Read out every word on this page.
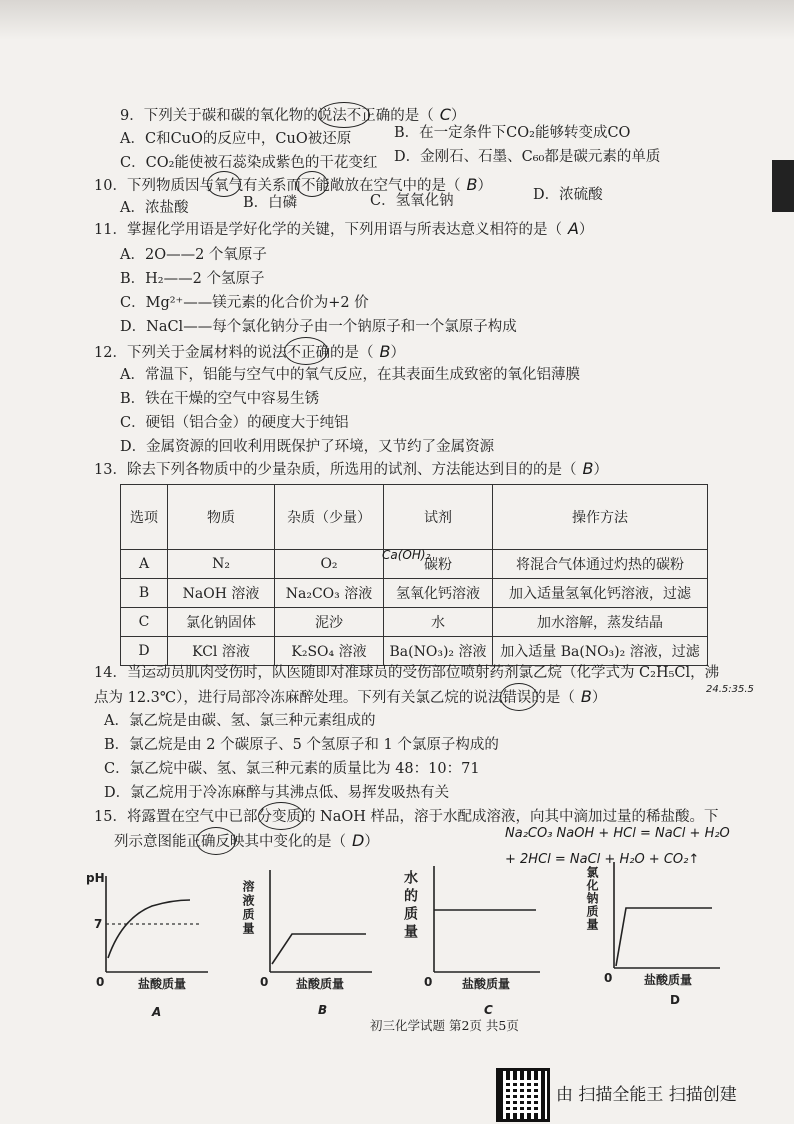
9．下列关于碳和碳的氧化物的说法不正确的是（ C）
A．C和CuO的反应中，CuO被还原	B．在一定条件下CO₂能够转变成CO
C．CO₂能使被石蕊染成紫色的干花变红 D．金刚石、石墨、C₆₀都是碳元素的单质
10．下列物质因与氧气有关系而不能敞放在空气中的是（ B）
A．浓盐酸	B．白磷	C．氢氧化钠	D．浓硫酸
11．掌握化学用语是学好化学的关键，下列用语与所表达意义相符的是（ A）
A．2O——2 个氧原子
B．H₂——2 个氢原子
C．Mg²⁺——镁元素的化合价为+2 价
D．NaCl——每个氯化钠分子由一个钠原子和一个氯原子构成
12．下列关于金属材料的说法不正确的是（ B）
A．常温下，铝能与空气中的氧气反应，在其表面生成致密的氧化铝薄膜
B．铁在干燥的空气中容易生锈
C．硬铝（铝合金）的硬度大于纯铝
D．金属资源的回收利用既保护了环境，又节约了金属资源
13．除去下列各物质中的少量杂质，所选用的试剂、方法能达到目的的是（ B）
选项	物质	杂质（少量）	试剂	操作方法
A	N₂	O₂	碳粉	将混合气体通过灼热的碳粉
B	NaOH 溶液	Na₂CO₃ 溶液	氢氧化钙溶液	加入适量氢氧化钙溶液，过滤
C	氯化钠固体	泥沙	水	加水溶解，蒸发结晶
D	KCl 溶液	K₂SO₄ 溶液	Ba(NO₃)₂ 溶液	加入适量 Ba(NO₃)₂ 溶液，过滤
Ca(OH)₂
14．当运动员肌肉受伤时，队医随即对准球员的受伤部位喷射药剂氯乙烷（化学式为 C₂H₅Cl，沸
24.5:35.5
点为 12.3℃），进行局部冷冻麻醉处理。下列有关氯乙烷的说法错误的是（ B）
A．氯乙烷是由碳、氢、氯三种元素组成的
B．氯乙烷是由 2 个碳原子、5 个氢原子和 1 个氯原子构成的
C．氯乙烷中碳、氢、氯三种元素的质量比为 48：10：71
D．氯乙烷用于冷冻麻醉与其沸点低、易挥发吸热有关
15．将露置在空气中已部分变质的 NaOH 样品，溶于水配成溶液，向其中滴加过量的稀盐酸。下
列示意图能正确反映其中变化的是（ D）
Na₂CO₃ NaOH + HCl = NaCl + H₂O
+ 2HCl = NaCl + H₂O + CO₂↑
pH
7
0	盐酸质量
A
溶液质量
0 盐酸质量
B
水的质量
0 盐酸质量
C
氯化钠质量
0	盐酸质量
D
初三化学试题 第2页 共5页
由 扫描全能王 扫描创建
